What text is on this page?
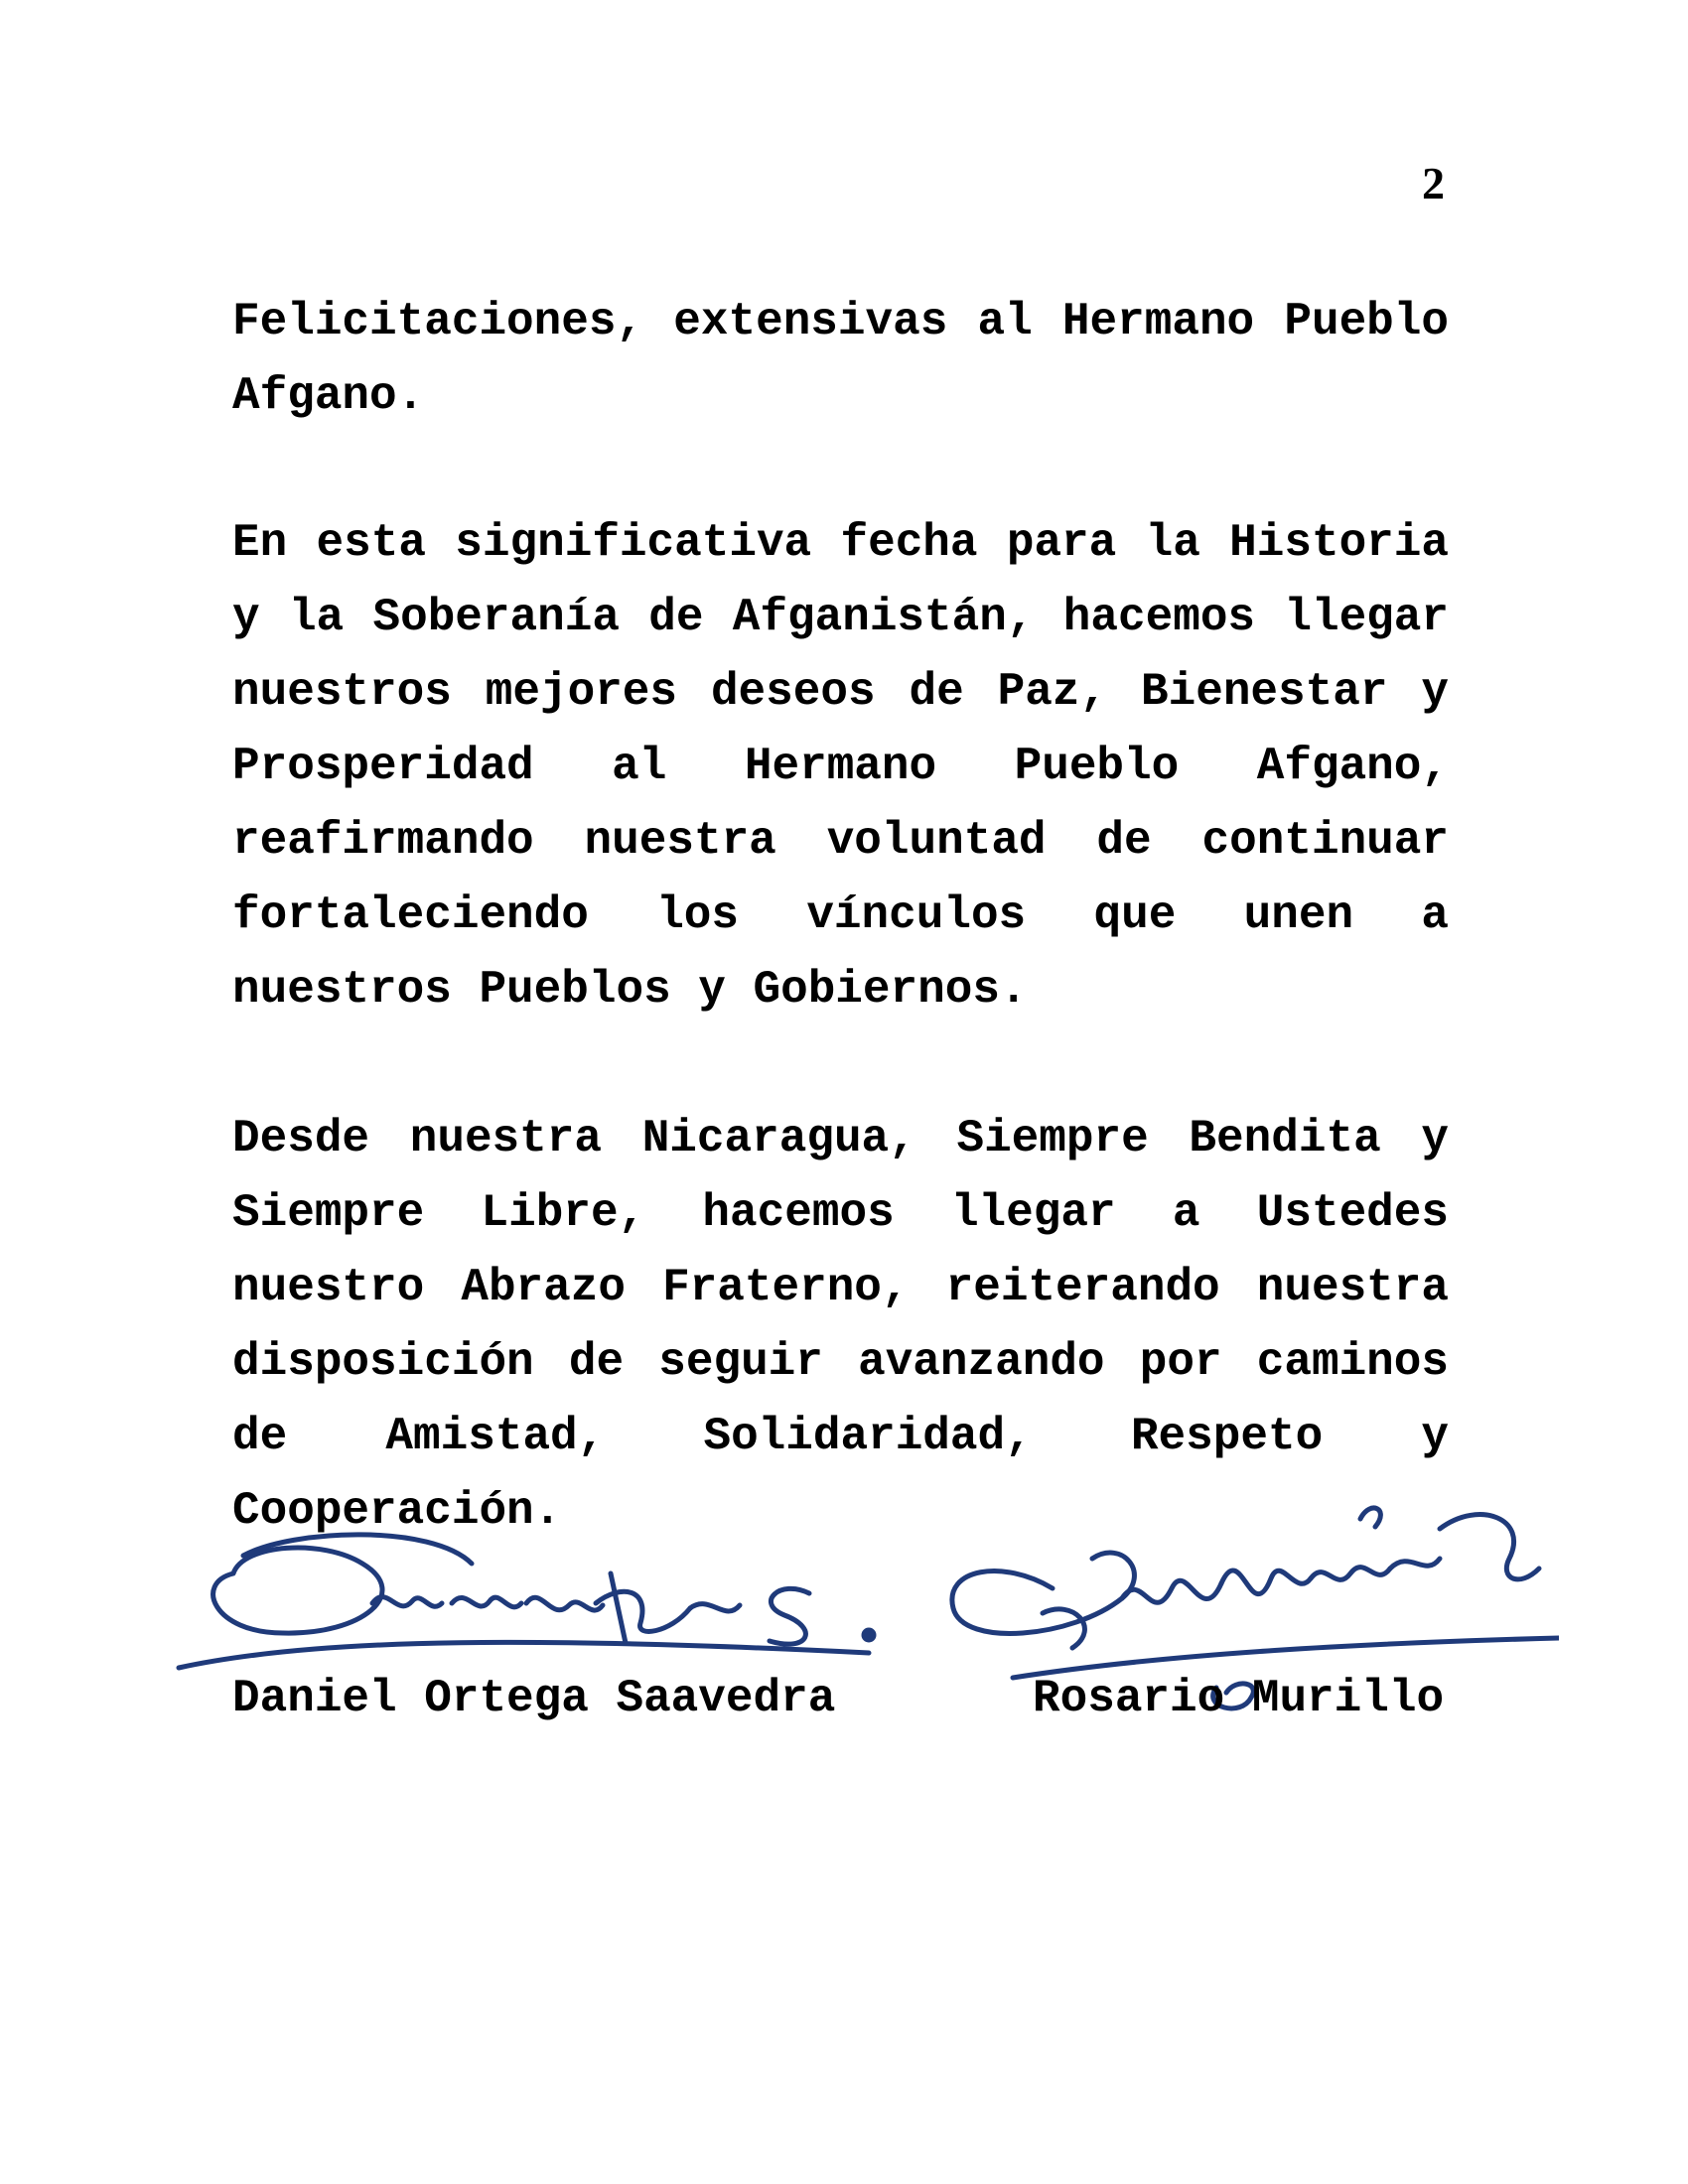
2

Felicitaciones, extensivas al Hermano Pueblo Afgano.

En esta significativa fecha para la Historia y la Soberanía de Afganistán, hacemos llegar nuestros mejores deseos de Paz, Bienestar y Prosperidad al Hermano Pueblo Afgano, reafirmando nuestra voluntad de continuar fortaleciendo los vínculos que unen a nuestros Pueblos y Gobiernos.

Desde nuestra Nicaragua, Siempre Bendita y Siempre Libre, hacemos llegar a Ustedes nuestro Abrazo Fraterno, reiterando nuestra disposición de seguir avanzando por caminos de Amistad, Solidaridad, Respeto y Cooperación.

Daniel Ortega Saavedra	Rosario Murillo
